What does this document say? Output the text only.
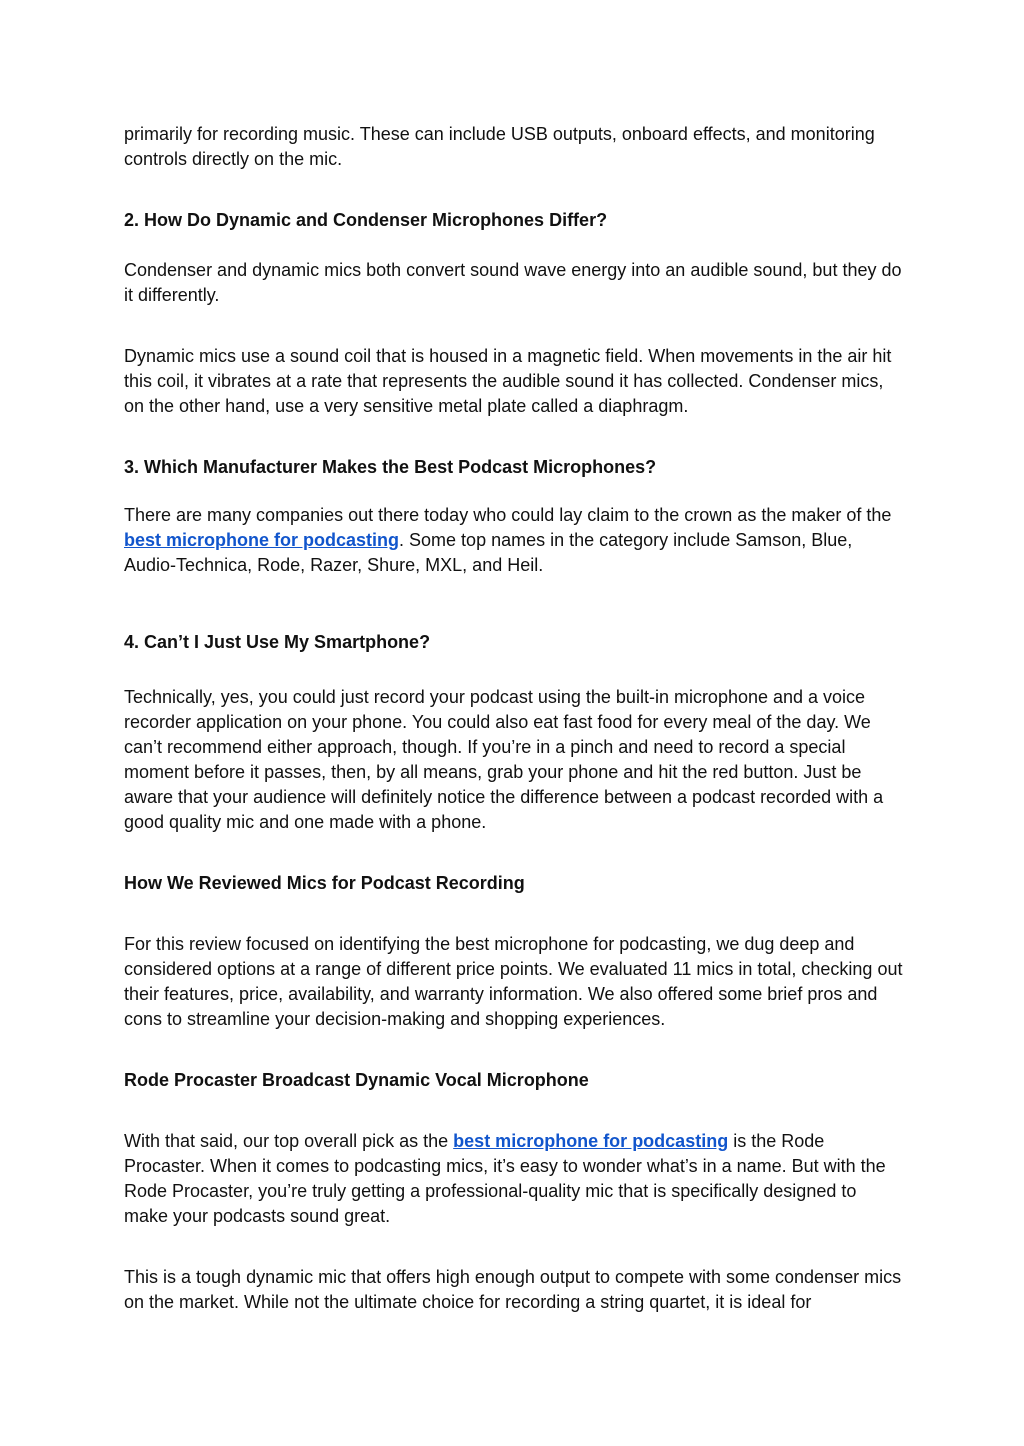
primarily for recording music. These can include USB outputs, onboard effects, and monitoring controls directly on the mic.

2. How Do Dynamic and Condenser Microphones Differ?

Condenser and dynamic mics both convert sound wave energy into an audible sound, but they do it differently.

Dynamic mics use a sound coil that is housed in a magnetic field. When movements in the air hit this coil, it vibrates at a rate that represents the audible sound it has collected. Condenser mics, on the other hand, use a very sensitive metal plate called a diaphragm.

3. Which Manufacturer Makes the Best Podcast Microphones?

There are many companies out there today who could lay claim to the crown as the maker of the best microphone for podcasting. Some top names in the category include Samson, Blue, Audio-Technica, Rode, Razer, Shure, MXL, and Heil.

4. Can’t I Just Use My Smartphone?

Technically, yes, you could just record your podcast using the built-in microphone and a voice recorder application on your phone. You could also eat fast food for every meal of the day. We can’t recommend either approach, though. If you’re in a pinch and need to record a special moment before it passes, then, by all means, grab your phone and hit the red button. Just be aware that your audience will definitely notice the difference between a podcast recorded with a good quality mic and one made with a phone.

How We Reviewed Mics for Podcast Recording

For this review focused on identifying the best microphone for podcasting, we dug deep and considered options at a range of different price points. We evaluated 11 mics in total, checking out their features, price, availability, and warranty information. We also offered some brief pros and cons to streamline your decision-making and shopping experiences.

Rode Procaster Broadcast Dynamic Vocal Microphone

With that said, our top overall pick as the best microphone for podcasting is the Rode Procaster. When it comes to podcasting mics, it’s easy to wonder what’s in a name. But with the Rode Procaster, you’re truly getting a professional-quality mic that is specifically designed to make your podcasts sound great.

This is a tough dynamic mic that offers high enough output to compete with some condenser mics on the market. While not the ultimate choice for recording a string quartet, it is ideal for
